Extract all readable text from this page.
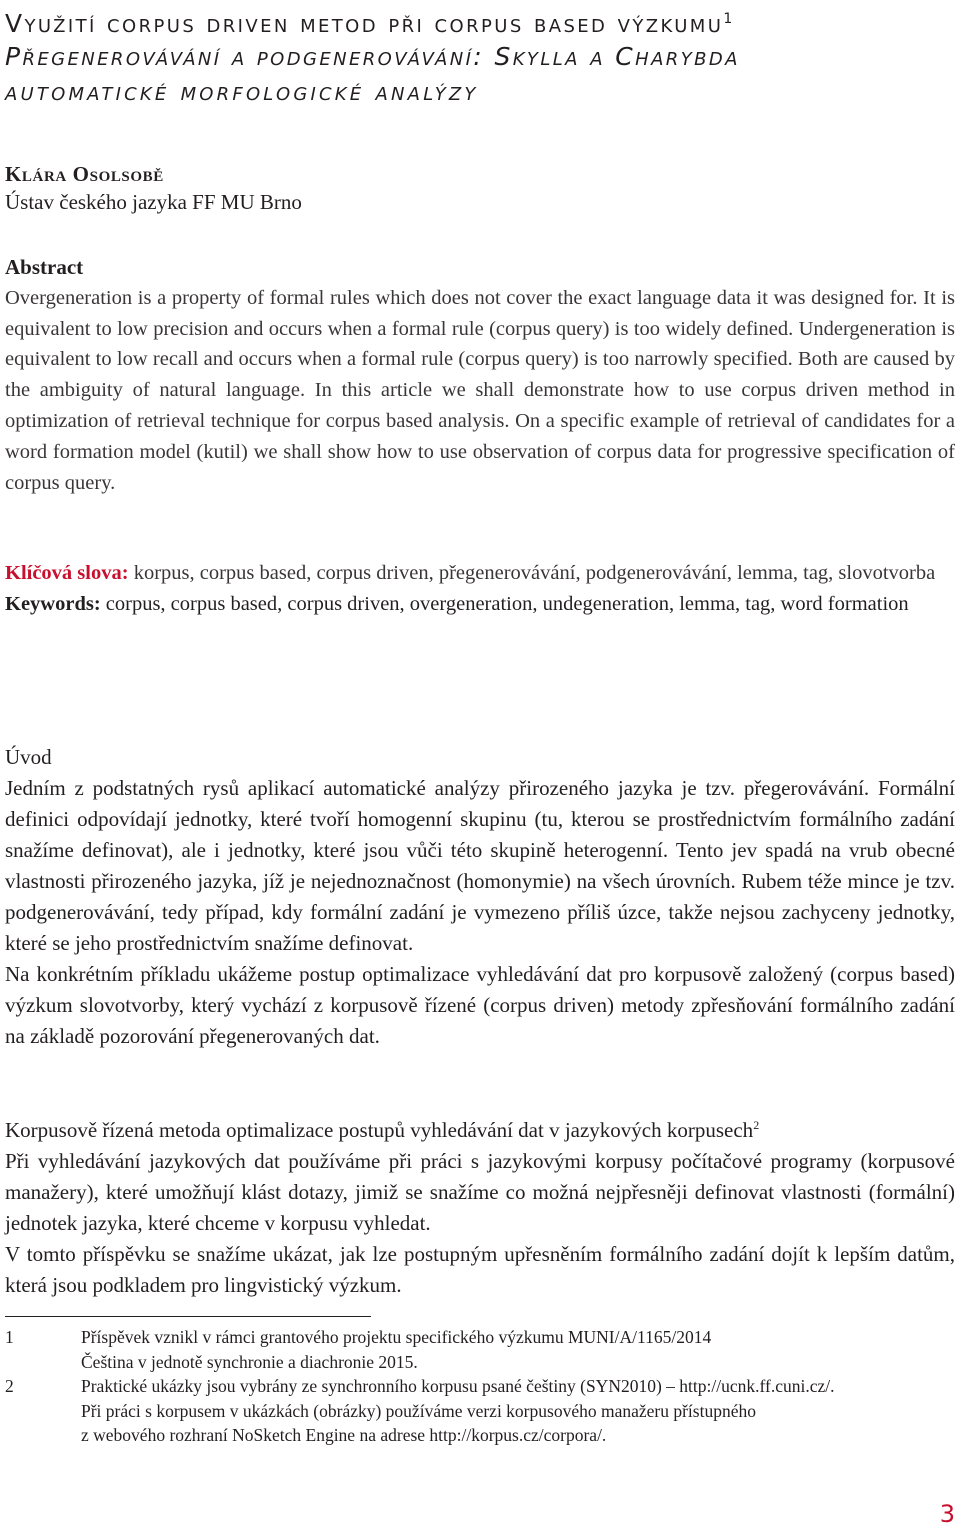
Využití corpus driven metod při corpus based výzkumu$^1$
Přegenerovávání a podgenerovávání: Skylla a Charybda
automatické morfologické analýzy
Klára Osolsobě
Ústav českého jazyka FF MU Brno
Abstract

Overgeneration is a property of formal rules which does not cover the exact language data it was designed for. It is equivalent to low precision and occurs when a formal rule (corpus query) is too widely defined. Undergeneration is equivalent to low recall and occurs when a formal rule (corpus query) is too narrowly specified. Both are caused by the ambiguity of natural language. In this article we shall demonstrate how to use corpus driven method in optimization of retrieval technique for corpus based analysis. On a specific example of retrieval of candidates for a word formation model (kutil) we shall show how to use observation of corpus data for progressive specification of corpus query.

Klíčová slova: korpus, corpus based, corpus driven, přegenerovávání, podgenerovávání, lemma, tag, slovotvorba

Keywords: corpus, corpus based, corpus driven, overgeneration, undegeneration, lemma, tag, word formation

Úvod

Jedním z podstatných rysů aplikací automatické analýzy přirozeného jazyka je tzv. přegerovávání. Formální definici odpovídají jednotky, které tvoří homogenní skupinu (tu, kterou se prostřednictvím formálního zadání snažíme definovat), ale i jednotky, které jsou vůči této skupině heterogenní. Tento jev spadá na vrub obecné vlastnosti přirozeného jazyka, jíž je nejednoznačnost (homonymie) na všech úrovních. Rubem téže mince je tzv. podgenerovávání, tedy případ, kdy formální zadání je vymezeno příliš úzce, takže nejsou zachyceny jednotky, které se jeho prostřednictvím snažíme definovat.

Na konkrétním příkladu ukážeme postup optimalizace vyhledávání dat pro korpusově založený (corpus based) výzkum slovotvorby, který vychází z korpusově řízené (corpus driven) metody zpřesňování formálního zadání na základě pozorování přegenerovaných dat.

Korpusově řízená metoda optimalizace postupů vyhledávání dat v jazykových korpusech$^2$

Při vyhledávání jazykových dat používáme při práci s jazykovými korpusy počítačové programy (korpusové manažery), které umožňují klást dotazy, jimiž se snažíme co možná nejpřesněji definovat vlastnosti (formální) jednotek jazyka, které chceme v korpusu vyhledat.

V tomto příspěvku se snažíme ukázat, jak lze postupným upřesněním formálního zadání dojít k lepším datům, která jsou podkladem pro lingvistický výzkum.

1	Příspěvek vznikl v rámci grantového projektu specifického výzkumu MUNI/A/1165/2014
Čeština v jednotě synchronie a diachronie 2015.
2	Praktické ukázky jsou vybrány ze synchronního korpusu psané češtiny (SYN2010) – http://ucnk.ff.cuni.cz/.
Při práci s korpusem v ukázkách (obrázky) používáme verzi korpusového manažeru přístupného
z webového rozhraní NoSketch Engine na adrese http://korpus.cz/corpora/.
3
